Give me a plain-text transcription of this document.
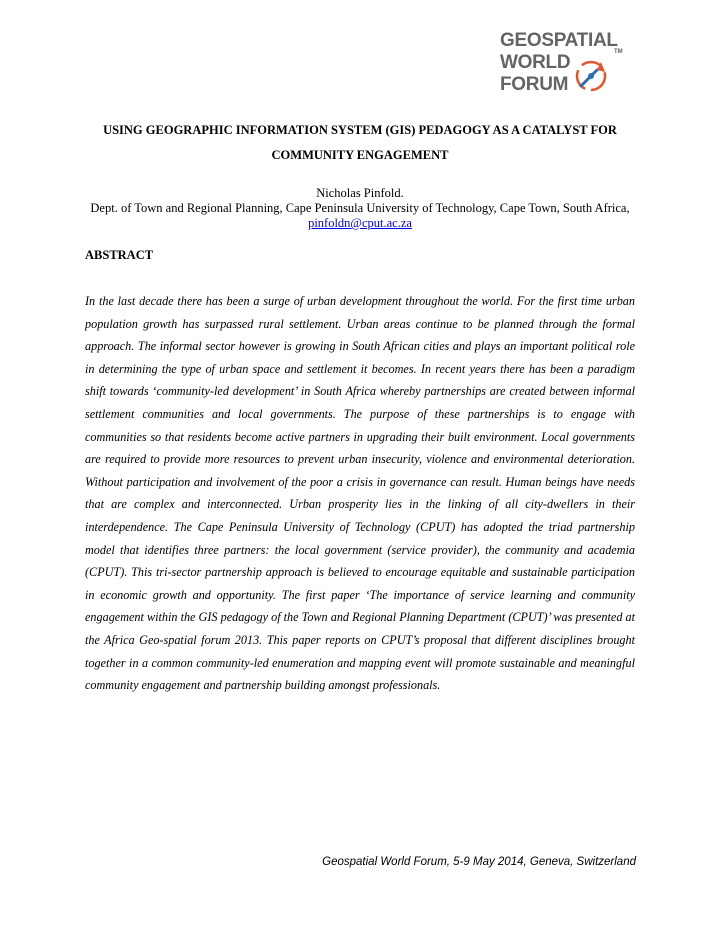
GEOSPATIAL
WORLD
FORUM
TM
USING GEOGRAPHIC INFORMATION SYSTEM (GIS) PEDAGOGY AS A CATALYST FOR COMMUNITY ENGAGEMENT
Nicholas Pinfold.
Dept. of Town and Regional Planning, Cape Peninsula University of Technology, Cape Town, South Africa, pinfoldn@cput.ac.za
ABSTRACT

In the last decade there has been a surge of urban development throughout the world. For the first time urban population growth has surpassed rural settlement. Urban areas continue to be planned through the formal approach. The informal sector however is growing in South African cities and plays an important political role in determining the type of urban space and settlement it becomes. In recent years there has been a paradigm shift towards ‘community-led development’ in South Africa whereby partnerships are created between informal settlement communities and local governments. The purpose of these partnerships is to engage with communities so that residents become active partners in upgrading their built environment. Local governments are required to provide more resources to prevent urban insecurity, violence and environmental deterioration. Without participation and involvement of the poor a crisis in governance can result. Human beings have needs that are complex and interconnected. Urban prosperity lies in the linking of all city-dwellers in their interdependence. The Cape Peninsula University of Technology (CPUT) has adopted the triad partnership model that identifies three partners: the local government (service provider), the community and academia (CPUT). This tri-sector partnership approach is believed to encourage equitable and sustainable participation in economic growth and opportunity. The first paper ‘The importance of service learning and community engagement within the GIS pedagogy of the Town and Regional Planning Department (CPUT)’ was presented at the Africa Geo-spatial forum 2013. This paper reports on CPUT’s proposal that different disciplines brought together in a common community-led enumeration and mapping event will promote sustainable and meaningful community engagement and partnership building amongst professionals.

Geospatial World Forum, 5-9 May 2014, Geneva, Switzerland
